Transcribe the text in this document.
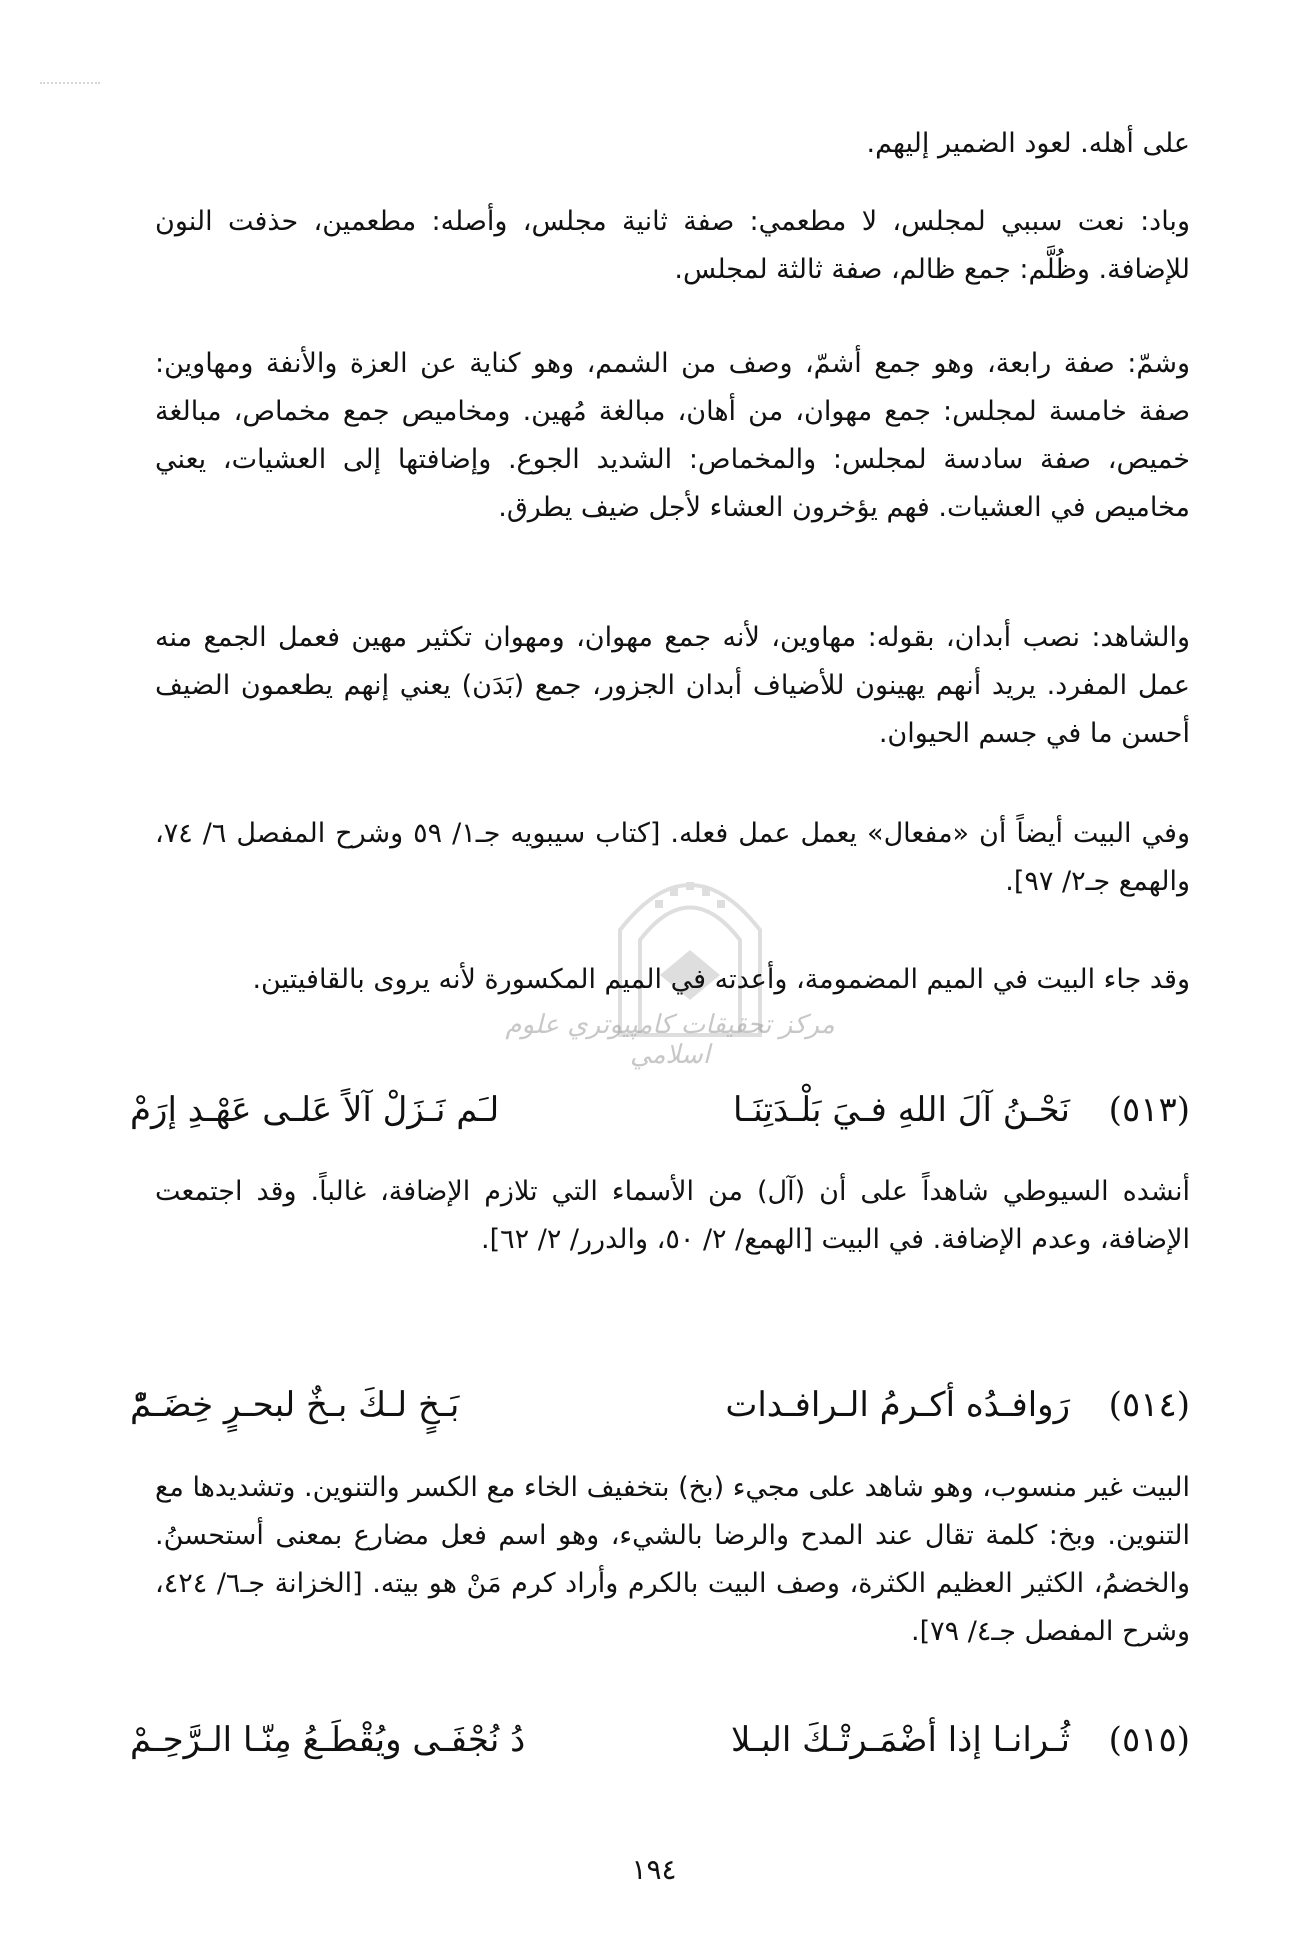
مركز تحقيقات كامپيوتري علوم اسلامي

على أهله. لعود الضمير إليهم.

وباد: نعت سببي لمجلس، لا مطعمي: صفة ثانية مجلس، وأصله: مطعمين، حذفت النون للإضافة. وظُلَّم: جمع ظالم، صفة ثالثة لمجلس.

وشمّ: صفة رابعة، وهو جمع أشمّ، وصف من الشمم، وهو كناية عن العزة والأنفة ومهاوين: صفة خامسة لمجلس: جمع مهوان، من أهان، مبالغة مُهين. ومخاميص جمع مخماص، مبالغة خميص، صفة سادسة لمجلس: والمخماص: الشديد الجوع. وإضافتها إلى العشيات، يعني مخاميص في العشيات. فهم يؤخرون العشاء لأجل ضيف يطرق.

والشاهد: نصب أبدان، بقوله: مهاوين، لأنه جمع مهوان، ومهوان تكثير مهين فعمل الجمع منه عمل المفرد. يريد أنهم يهينون للأضياف أبدان الجزور، جمع (بَدَن) يعني إنهم يطعمون الضيف أحسن ما في جسم الحيوان.

وفي البيت أيضاً أن «مفعال» يعمل عمل فعله. [كتاب سيبويه جـ١/ ٥٩ وشرح المفصل ٦/ ٧٤، والهمع جـ٢/ ٩٧].

وقد جاء البيت في الميم المضمومة، وأعدته في الميم المكسورة لأنه يروى بالقافيتين.

(٥١٣)
نَحْـنُ آلَ اللهِ فـيَ بَلْـدَتِنَـا
لـَم نَـزَلْ آلاً عَلـى عَهْـدِ إرَمْ

أنشده السيوطي شاهداً على أن (آل) من الأسماء التي تلازم الإضافة، غالباً. وقد اجتمعت الإضافة، وعدم الإضافة. في البيت [الهمع/ ٢/ ٥٠، والدرر/ ٢/ ٦٢].

(٥١٤)
رَوافـدُه أكـرمُ الـرافـدات
بَـخٍ لـكَ بـخٌ لبحـرٍ خِضَـمّْ

البيت غير منسوب، وهو شاهد على مجيء (بخ) بتخفيف الخاء مع الكسر والتنوين. وتشديدها مع التنوين. وبخ: كلمة تقال عند المدح والرضا بالشيء، وهو اسم فعل مضارع بمعنى أستحسنُ. والخضمُ، الكثير العظيم الكثرة، وصف البيت بالكرم وأراد كرم مَنْ هو بيته. [الخزانة جـ٦/ ٤٢٤، وشرح المفصل جـ٤/ ٧٩].

(٥١٥)
ثُـرانـا إذا أضْمَـرتْـكَ البـلا
دُ نُجْفَـى ويُقْطَـعُ مِنّـا الـرَّحِـمْ
١٩٤
